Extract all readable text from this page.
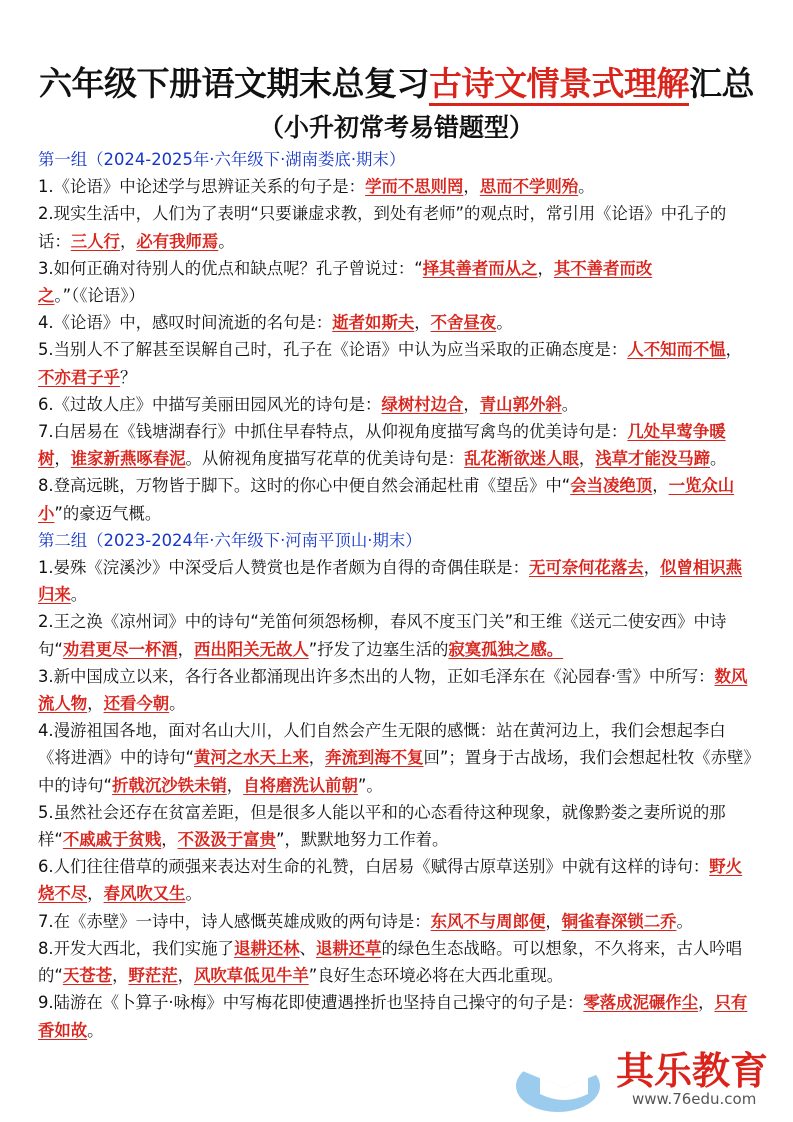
六年级下册语文期末总复习古诗文情景式理解汇总
（小升初常考易错题型）
第一组（2024-2025年·六年级下·湖南娄底·期末）

1.《论语》中论述学与思辨证关系的句子是：学而不思则罔，思而不学则殆。

2.现实生活中，人们为了表明“只要谦虚求教，到处有老师”的观点时，常引用《论语》中孔子的话：三人行，必有我师焉。

3.如何正确对待别人的优点和缺点呢？孔子曾说过：“择其善者而从之，其不善者而改之。”（《论语》）

4.《论语》中，感叹时间流逝的名句是：逝者如斯夫，不舍昼夜。

5.当别人不了解甚至误解自己时，孔子在《论语》中认为应当采取的正确态度是：人不知而不愠，不亦君子乎？

6.《过故人庄》中描写美丽田园风光的诗句是：绿树村边合，青山郭外斜。

7.白居易在《钱塘湖春行》中抓住早春特点，从仰视角度描写禽鸟的优美诗句是：几处早莺争暖树，谁家新燕啄春泥。从俯视角度描写花草的优美诗句是：乱花渐欲迷人眼，浅草才能没马蹄。

8.登高远眺，万物皆于脚下。这时的你心中便自然会涌起杜甫《望岳》中“会当凌绝顶，一览众山小”的豪迈气概。

第二组（2023-2024年·六年级下·河南平顶山·期末）

1.晏殊《浣溪沙》中深受后人赞赏也是作者颇为自得的奇偶佳联是：无可奈何花落去，似曾相识燕归来。

2.王之涣《凉州词》中的诗句“羌笛何须怨杨柳，春风不度玉门关”和王维《送元二使安西》中诗句“劝君更尽一杯酒，西出阳关无故人”抒发了边塞生活的寂寞孤独之感。

3.新中国成立以来，各行各业都涌现出许多杰出的人物，正如毛泽东在《沁园春·雪》中所写：数风流人物，还看今朝。

4.漫游祖国各地，面对名山大川，人们自然会产生无限的感慨：站在黄河边上，我们会想起李白《将进酒》中的诗句“黄河之水天上来，奔流到海不复回”；置身于古战场，我们会想起杜牧《赤壁》中的诗句“折戟沉沙铁未销，自将磨洗认前朝”。

5.虽然社会还存在贫富差距，但是很多人能以平和的心态看待这种现象，就像黔娄之妻所说的那样“不戚戚于贫贱，不汲汲于富贵”，默默地努力工作着。

6.人们往往借草的顽强来表达对生命的礼赞，白居易《赋得古原草送别》中就有这样的诗句：野火烧不尽，春风吹又生。

7.在《赤壁》一诗中，诗人感慨英雄成败的两句诗是：东风不与周郎便，铜雀春深锁二乔。

8.开发大西北，我们实施了退耕还林、退耕还草的绿色生态战略。可以想象，不久将来，古人吟唱的“天苍苍，野茫茫，风吹草低见牛羊”良好生态环境必将在大西北重现。

9.陆游在《卜算子·咏梅》中写梅花即使遭遇挫折也坚持自己操守的句子是：零落成泥碾作尘，只有香如故。

其乐教育
www.76edu.com
